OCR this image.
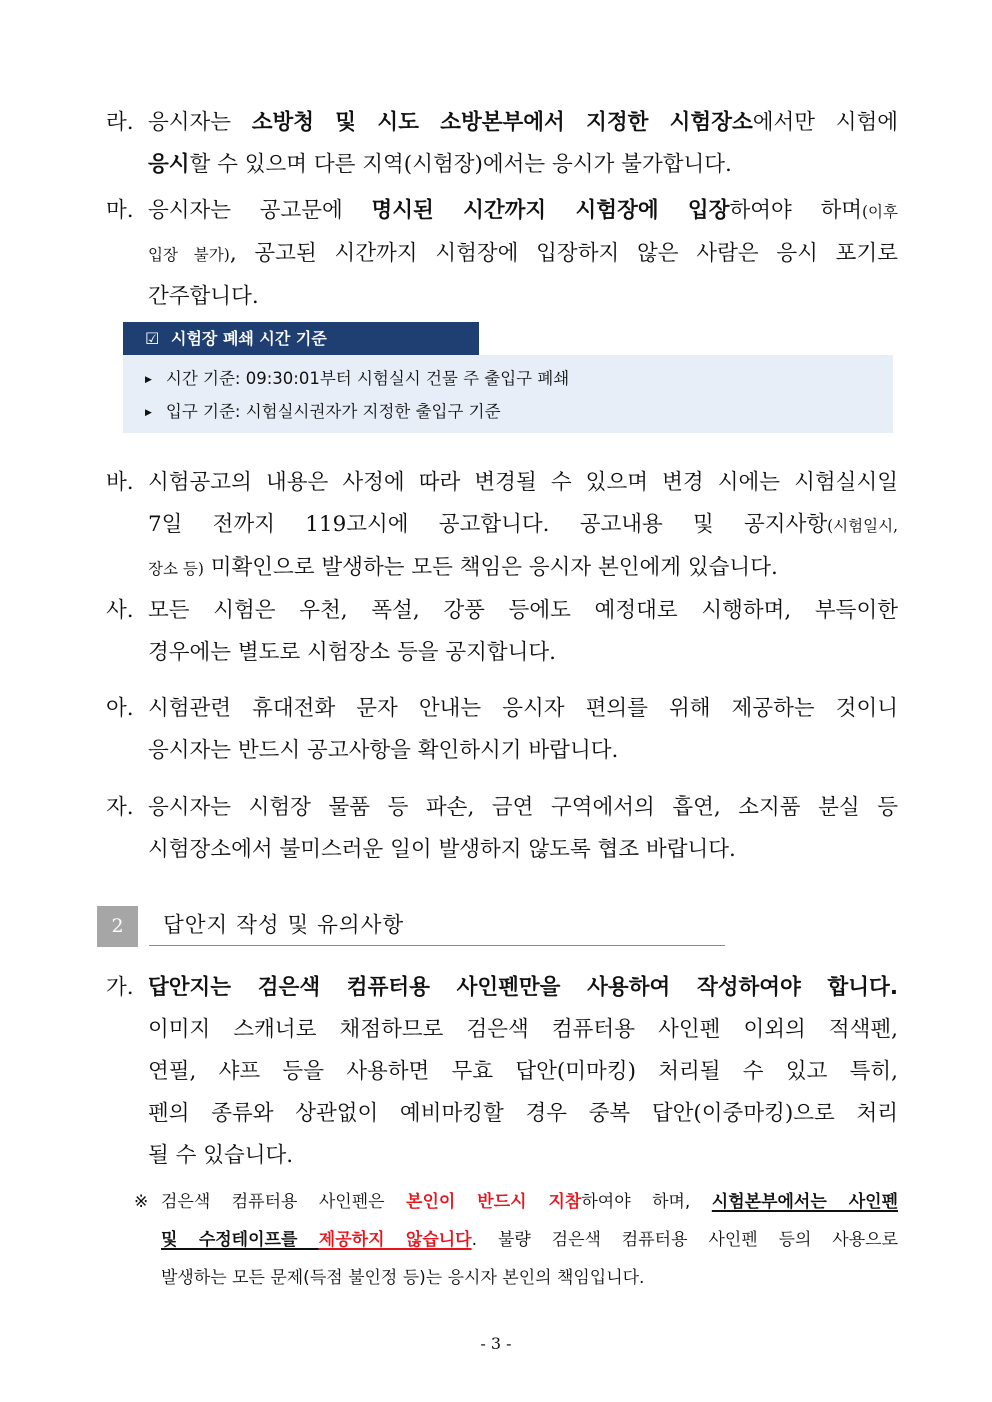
라. 응시자는 소방청 및 시도 소방본부에서 지정한 시험장소에서만 시험에
응시할 수 있으며 다른 지역(시험장)에서는 응시가 불가합니다.
마. 응시자는 공고문에 명시된 시간까지 시험장에 입장하여야 하며(이후
입장 불가), 공고된 시간까지 시험장에 입장하지 않은 사람은 응시 포기로
간주합니다.
☑ 시험장 폐쇄 시간 기준
▶ 시간 기준: 09:30:01부터 시험실시 건물 주 출입구 폐쇄
▶ 입구 기준: 시험실시권자가 지정한 출입구 기준
바. 시험공고의 내용은 사정에 따라 변경될 수 있으며 변경 시에는 시험실시일
7일 전까지 119고시에 공고합니다. 공고내용 및 공지사항(시험일시,
장소 등) 미확인으로 발생하는 모든 책임은 응시자 본인에게 있습니다.
사. 모든 시험은 우천, 폭설, 강풍 등에도 예정대로 시행하며, 부득이한
경우에는 별도로 시험장소 등을 공지합니다.
아. 시험관련 휴대전화 문자 안내는 응시자 편의를 위해 제공하는 것이니
응시자는 반드시 공고사항을 확인하시기 바랍니다.
자. 응시자는 시험장 물품 등 파손, 금연 구역에서의 흡연, 소지품 분실 등
시험장소에서 불미스러운 일이 발생하지 않도록 협조 바랍니다.
2	답안지 작성 및 유의사항
가. 답안지는 검은색 컴퓨터용 사인펜만을 사용하여 작성하여야 합니다.
이미지 스캐너로 채점하므로 검은색 컴퓨터용 사인펜 이외의 적색펜,
연필, 샤프 등을 사용하면 무효 답안(미마킹) 처리될 수 있고 특히,
펜의 종류와 상관없이 예비마킹할 경우 중복 답안(이중마킹)으로 처리
될 수 있습니다.
※ 검은색 컴퓨터용 사인펜은 본인이 반드시 지참하여야 하며, 시험본부에서는 사인펜
및 수정테이프를 제공하지 않습니다. 불량 검은색 컴퓨터용 사인펜 등의 사용으로
발생하는 모든 문제(득점 불인정 등)는 응시자 본인의 책임입니다.
- 3 -
